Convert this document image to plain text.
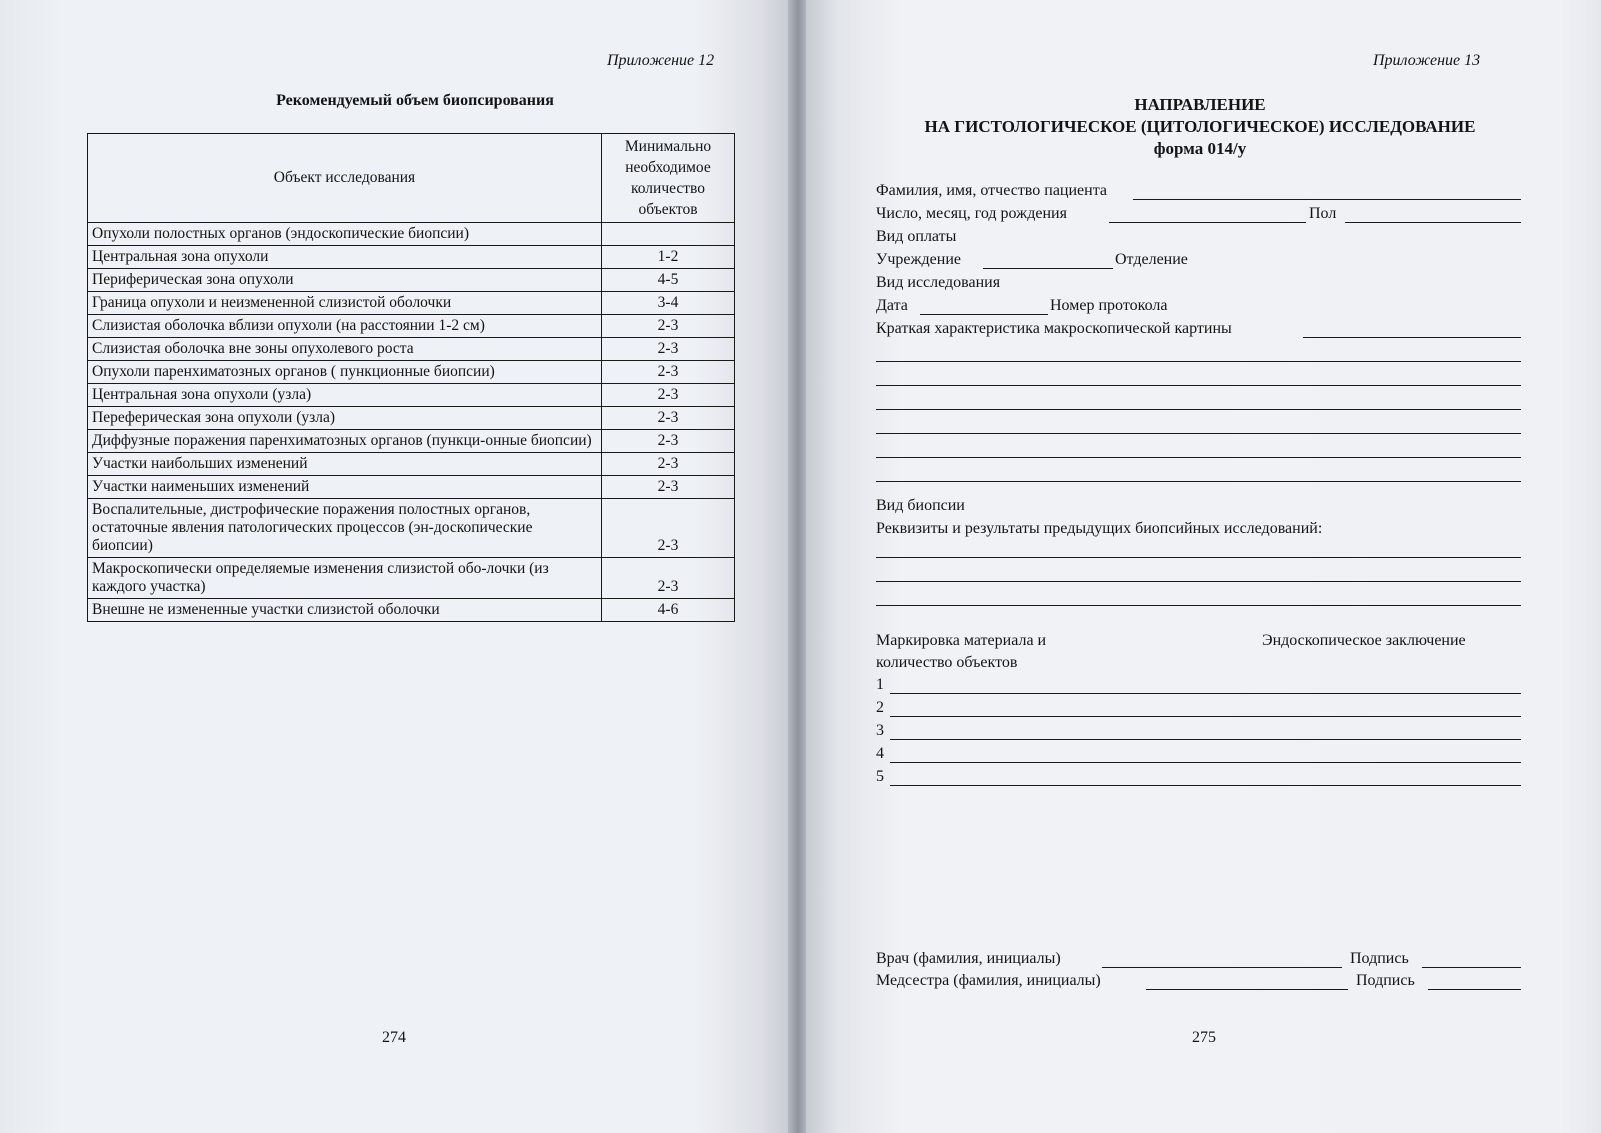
Приложение 12
Рекомендуемый объем биопсирования
Объект исследования	Минимально необходимое количество объектов
Опухоли полостных органов (эндоскопические биопсии)	
Центральная зона опухоли	1-2
Периферическая зона опухоли	4-5
Граница опухоли и неизмененной слизистой оболочки	3-4
Слизистая оболочка вблизи опухоли (на расстоянии 1-2 см)	2-3
Слизистая оболочка вне зоны опухолевого роста	2-3
Опухоли паренхиматозных органов ( пункционные биопсии)	2-3
Центральная зона опухоли (узла)	2-3
Переферическая зона опухоли (узла)	2-3
Диффузные поражения паренхиматозных органов (пункци-онные биопсии)	2-3
Участки наибольших изменений	2-3
Участки наименьших изменений	2-3
Воспалительные, дистрофические поражения полостных органов, остаточные явления патологических процессов (эн-доскопические биопсии)	2-3
Макроскопически определяемые изменения слизистой обо-лочки (из каждого участка)	2-3
Внешне не измененные участки слизистой оболочки	4-6
274
Приложение 13
НАПРАВЛЕНИЕ
НА ГИСТОЛОГИЧЕСКОЕ (ЦИТОЛОГИЧЕСКОЕ) ИССЛЕДОВАНИЕ
форма 014/у
Фамилия, имя, отчество пациента
Число, месяц, год рождения	Пол
Вид оплаты
Учреждение	Отделение
Вид исследования
Дата	Номер протокола
Краткая характеристика макроскопической картины
Вид биопсии
Реквизиты и результаты предыдущих биопсийных исследований:
Маркировка материала и
количество объектов
Эндоскопическое заключение
1
2
3
4
5
Врач (фамилия, инициалы)	Подпись
Медсестра (фамилия, инициалы)	Подпись
275
